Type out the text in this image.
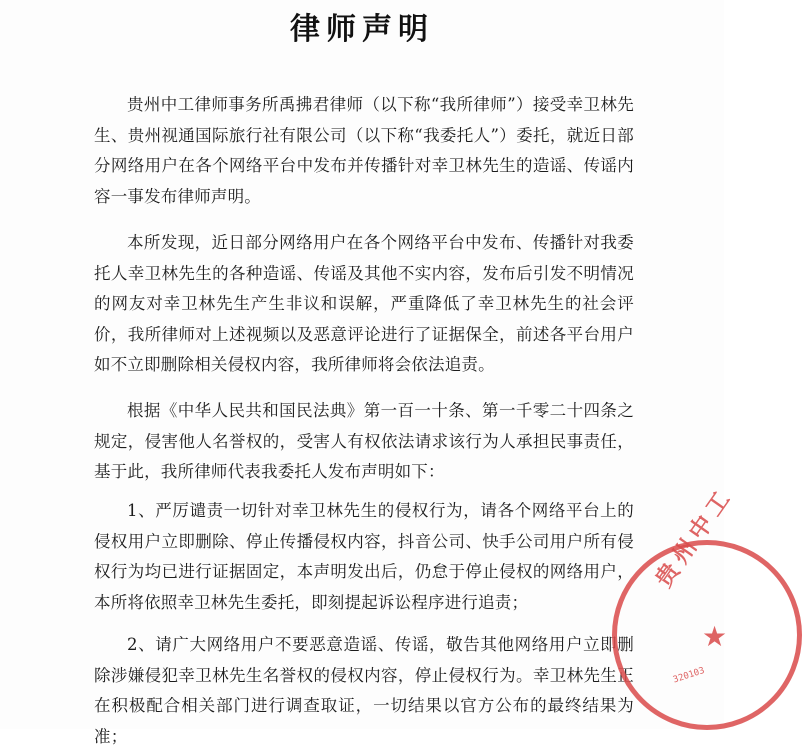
律师声明

贵州中工律师事务所禹拂君律师（以下称“我所律师”）接受幸卫林先生、贵州视通国际旅行社有限公司（以下称“我委托人”）委托，就近日部分网络用户在各个网络平台中发布并传播针对幸卫林先生的造谣、传谣内容一事发布律师声明。

本所发现，近日部分网络用户在各个网络平台中发布、传播针对我委托人幸卫林先生的各种造谣、传谣及其他不实内容，发布后引发不明情况的网友对幸卫林先生产生非议和误解，严重降低了幸卫林先生的社会评价，我所律师对上述视频以及恶意评论进行了证据保全，前述各平台用户如不立即删除相关侵权内容，我所律师将会依法追责。

根据《中华人民共和国民法典》第一百一十条、第一千零二十四条之规定，侵害他人名誉权的，受害人有权依法请求该行为人承担民事责任，基于此，我所律师代表我委托人发布声明如下：

1、严厉谴责一切针对幸卫林先生的侵权行为，请各个网络平台上的侵权用户立即删除、停止传播侵权内容，抖音公司、快手公司用户所有侵权行为均已进行证据固定，本声明发出后，仍怠于停止侵权的网络用户，本所将依照幸卫林先生委托，即刻提起诉讼程序进行追责；

2、请广大网络用户不要恶意造谣、传谣，敬告其他网络用户立即删除涉嫌侵犯幸卫林先生名誉权的侵权内容，停止侵权行为。幸卫林先生正在积极配合相关部门进行调查取证，一切结果以官方公布的最终结果为准；

贵州中工
320103
★
